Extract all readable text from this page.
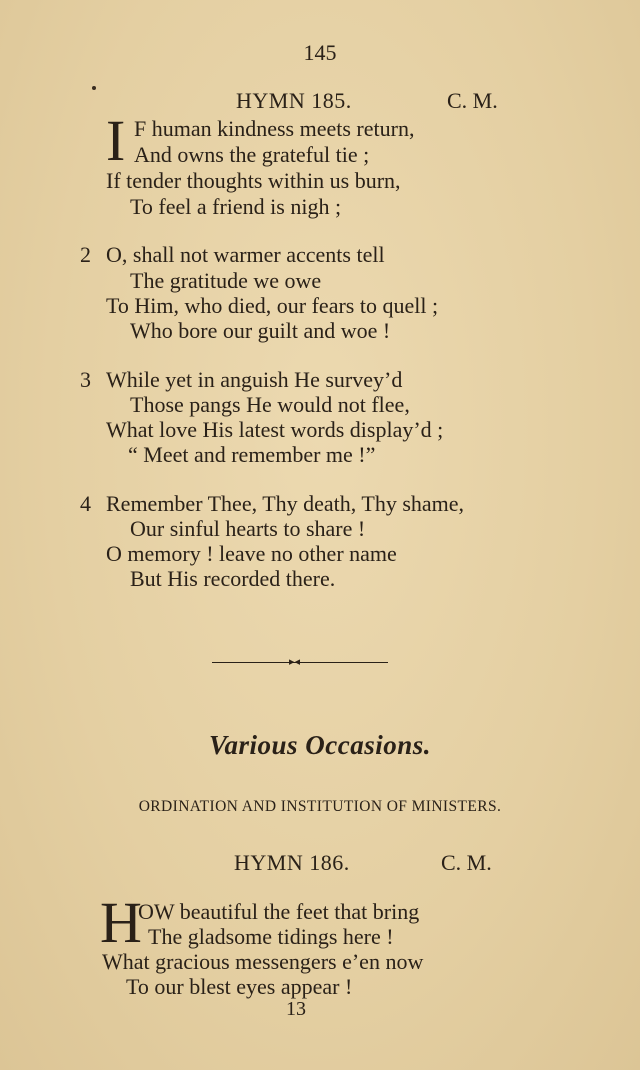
145
HYMN 185.	C. M.
I F human kindness meets return,
And owns the grateful tie ;
If tender thoughts within us burn,
To feel a friend is nigh ;
2 O, shall not warmer accents tell
The gratitude we owe
To Him, who died, our fears to quell ;
Who bore our guilt and woe !
3 While yet in anguish He survey’d
Those pangs He would not flee,
What love His latest words display’d ;
“ Meet and remember me !”
4 Remember Thee, Thy death, Thy shame,
Our sinful hearts to share !
O memory ! leave no other name
But His recorded there.
▸◂
Various Occasions.
ORDINATION AND INSTITUTION OF MINISTERS.
HYMN 186.	C. M.
H
OW beautiful the feet that bring
The gladsome tidings here !
What gracious messengers e’en now
To our blest eyes appear !
13
